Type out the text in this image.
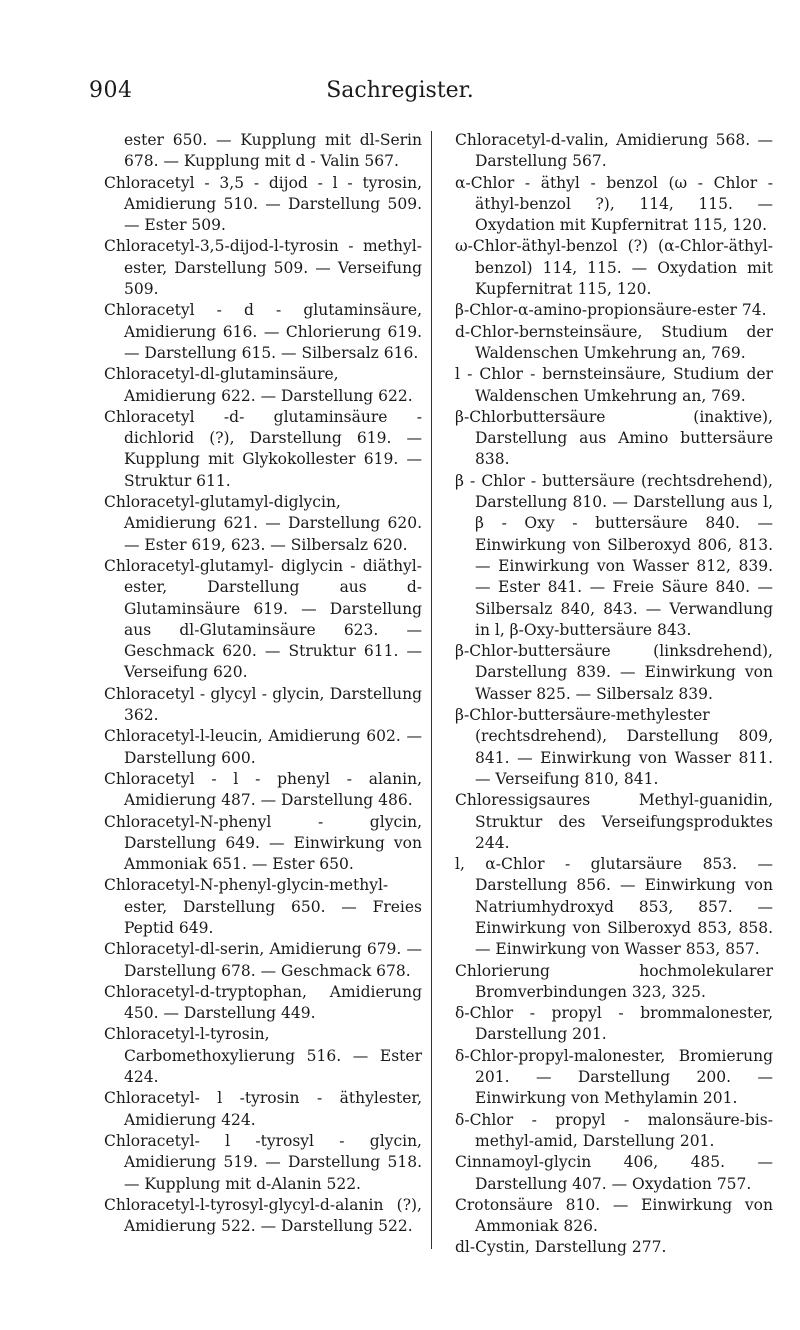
904	Sachregister.

ester 650. — Kupplung mit dl-Serin 678. — Kupplung mit d - Valin 567.

Chloracetyl - 3,5 - dijod - l - tyrosin, Amidierung 510. — Darstellung 509. — Ester 509.

Chloracetyl-3,5-dijod-l-tyrosin - methyl-ester, Darstellung 509. — Verseifung 509.

Chloracetyl - d - glutaminsäure, Amidierung 616. — Chlorierung 619. — Darstellung 615. — Silbersalz 616.

Chloracetyl-dl-glutaminsäure, Amidierung 622. — Darstellung 622.

Chloracetyl -d- glutaminsäure - dichlorid (?), Darstellung 619. — Kupplung mit Glykokollester 619. — Struktur 611.

Chloracetyl-glutamyl-diglycin, Amidierung 621. — Darstellung 620. — Ester 619, 623. — Silbersalz 620.

Chloracetyl-glutamyl- diglycin - diäthyl-ester, Darstellung aus d-Glutaminsäure 619. — Darstellung aus dl-Glutaminsäure 623. — Geschmack 620. — Struktur 611. — Verseifung 620.

Chloracetyl - glycyl - glycin, Darstellung 362.

Chloracetyl-l-leucin, Amidierung 602. — Darstellung 600.

Chloracetyl - l - phenyl - alanin, Amidierung 487. — Darstellung 486.

Chloracetyl-N-phenyl - glycin, Darstellung 649. — Einwirkung von Ammoniak 651. — Ester 650.

Chloracetyl-N-phenyl-glycin-methyl-ester, Darstellung 650. — Freies Peptid 649.

Chloracetyl-dl-serin, Amidierung 679. — Darstellung 678. — Geschmack 678.

Chloracetyl-d-tryptophan, Amidierung 450. — Darstellung 449.

Chloracetyl-l-tyrosin, Carbomethoxylierung 516. — Ester 424.

Chloracetyl- l -tyrosin - äthylester, Amidierung 424.

Chloracetyl- l -tyrosyl - glycin, Amidierung 519. — Darstellung 518. — Kupplung mit d-Alanin 522.

Chloracetyl-l-tyrosyl-glycyl-d-alanin (?), Amidierung 522. — Darstellung 522.

Chloracetyl-d-valin, Amidierung 568. — Darstellung 567.

α-Chlor - äthyl - benzol (ω - Chlor - äthyl-benzol ?), 114, 115. — Oxydation mit Kupfernitrat 115, 120.

ω-Chlor-äthyl-benzol (?) (α-Chlor-äthyl-benzol) 114, 115. — Oxydation mit Kupfernitrat 115, 120.

β-Chlor-α-amino-propionsäure-ester 74.

d-Chlor-bernsteinsäure, Studium der Waldenschen Umkehrung an, 769.

l - Chlor - bernsteinsäure, Studium der Waldenschen Umkehrung an, 769.

β-Chlorbuttersäure (inaktive), Darstellung aus Amino buttersäure 838.

β - Chlor - buttersäure (rechtsdrehend), Darstellung 810. — Darstellung aus l, β - Oxy - buttersäure 840. — Einwirkung von Silberoxyd 806, 813. — Einwirkung von Wasser 812, 839. — Ester 841. — Freie Säure 840. — Silbersalz 840, 843. — Verwandlung in l, β-Oxy-buttersäure 843.

β-Chlor-buttersäure (linksdrehend), Darstellung 839. — Einwirkung von Wasser 825. — Silbersalz 839.

β-Chlor-buttersäure-methylester (rechtsdrehend), Darstellung 809, 841. — Einwirkung von Wasser 811. — Verseifung 810, 841.

Chloressigsaures Methyl-guanidin, Struktur des Verseifungsproduktes 244.

l, α-Chlor - glutarsäure 853. — Darstellung 856. — Einwirkung von Natriumhydroxyd 853, 857. — Einwirkung von Silberoxyd 853, 858. — Einwirkung von Wasser 853, 857.

Chlorierung hochmolekularer Bromverbindungen 323, 325.

δ-Chlor - propyl - brommalonester, Darstellung 201.

δ-Chlor-propyl-malonester, Bromierung 201. — Darstellung 200. — Einwirkung von Methylamin 201.

δ-Chlor - propyl - malonsäure-bis-methyl-amid, Darstellung 201.

Cinnamoyl-glycin 406, 485. — Darstellung 407. — Oxydation 757.

Crotonsäure 810. — Einwirkung von Ammoniak 826.

dl-Cystin, Darstellung 277.
